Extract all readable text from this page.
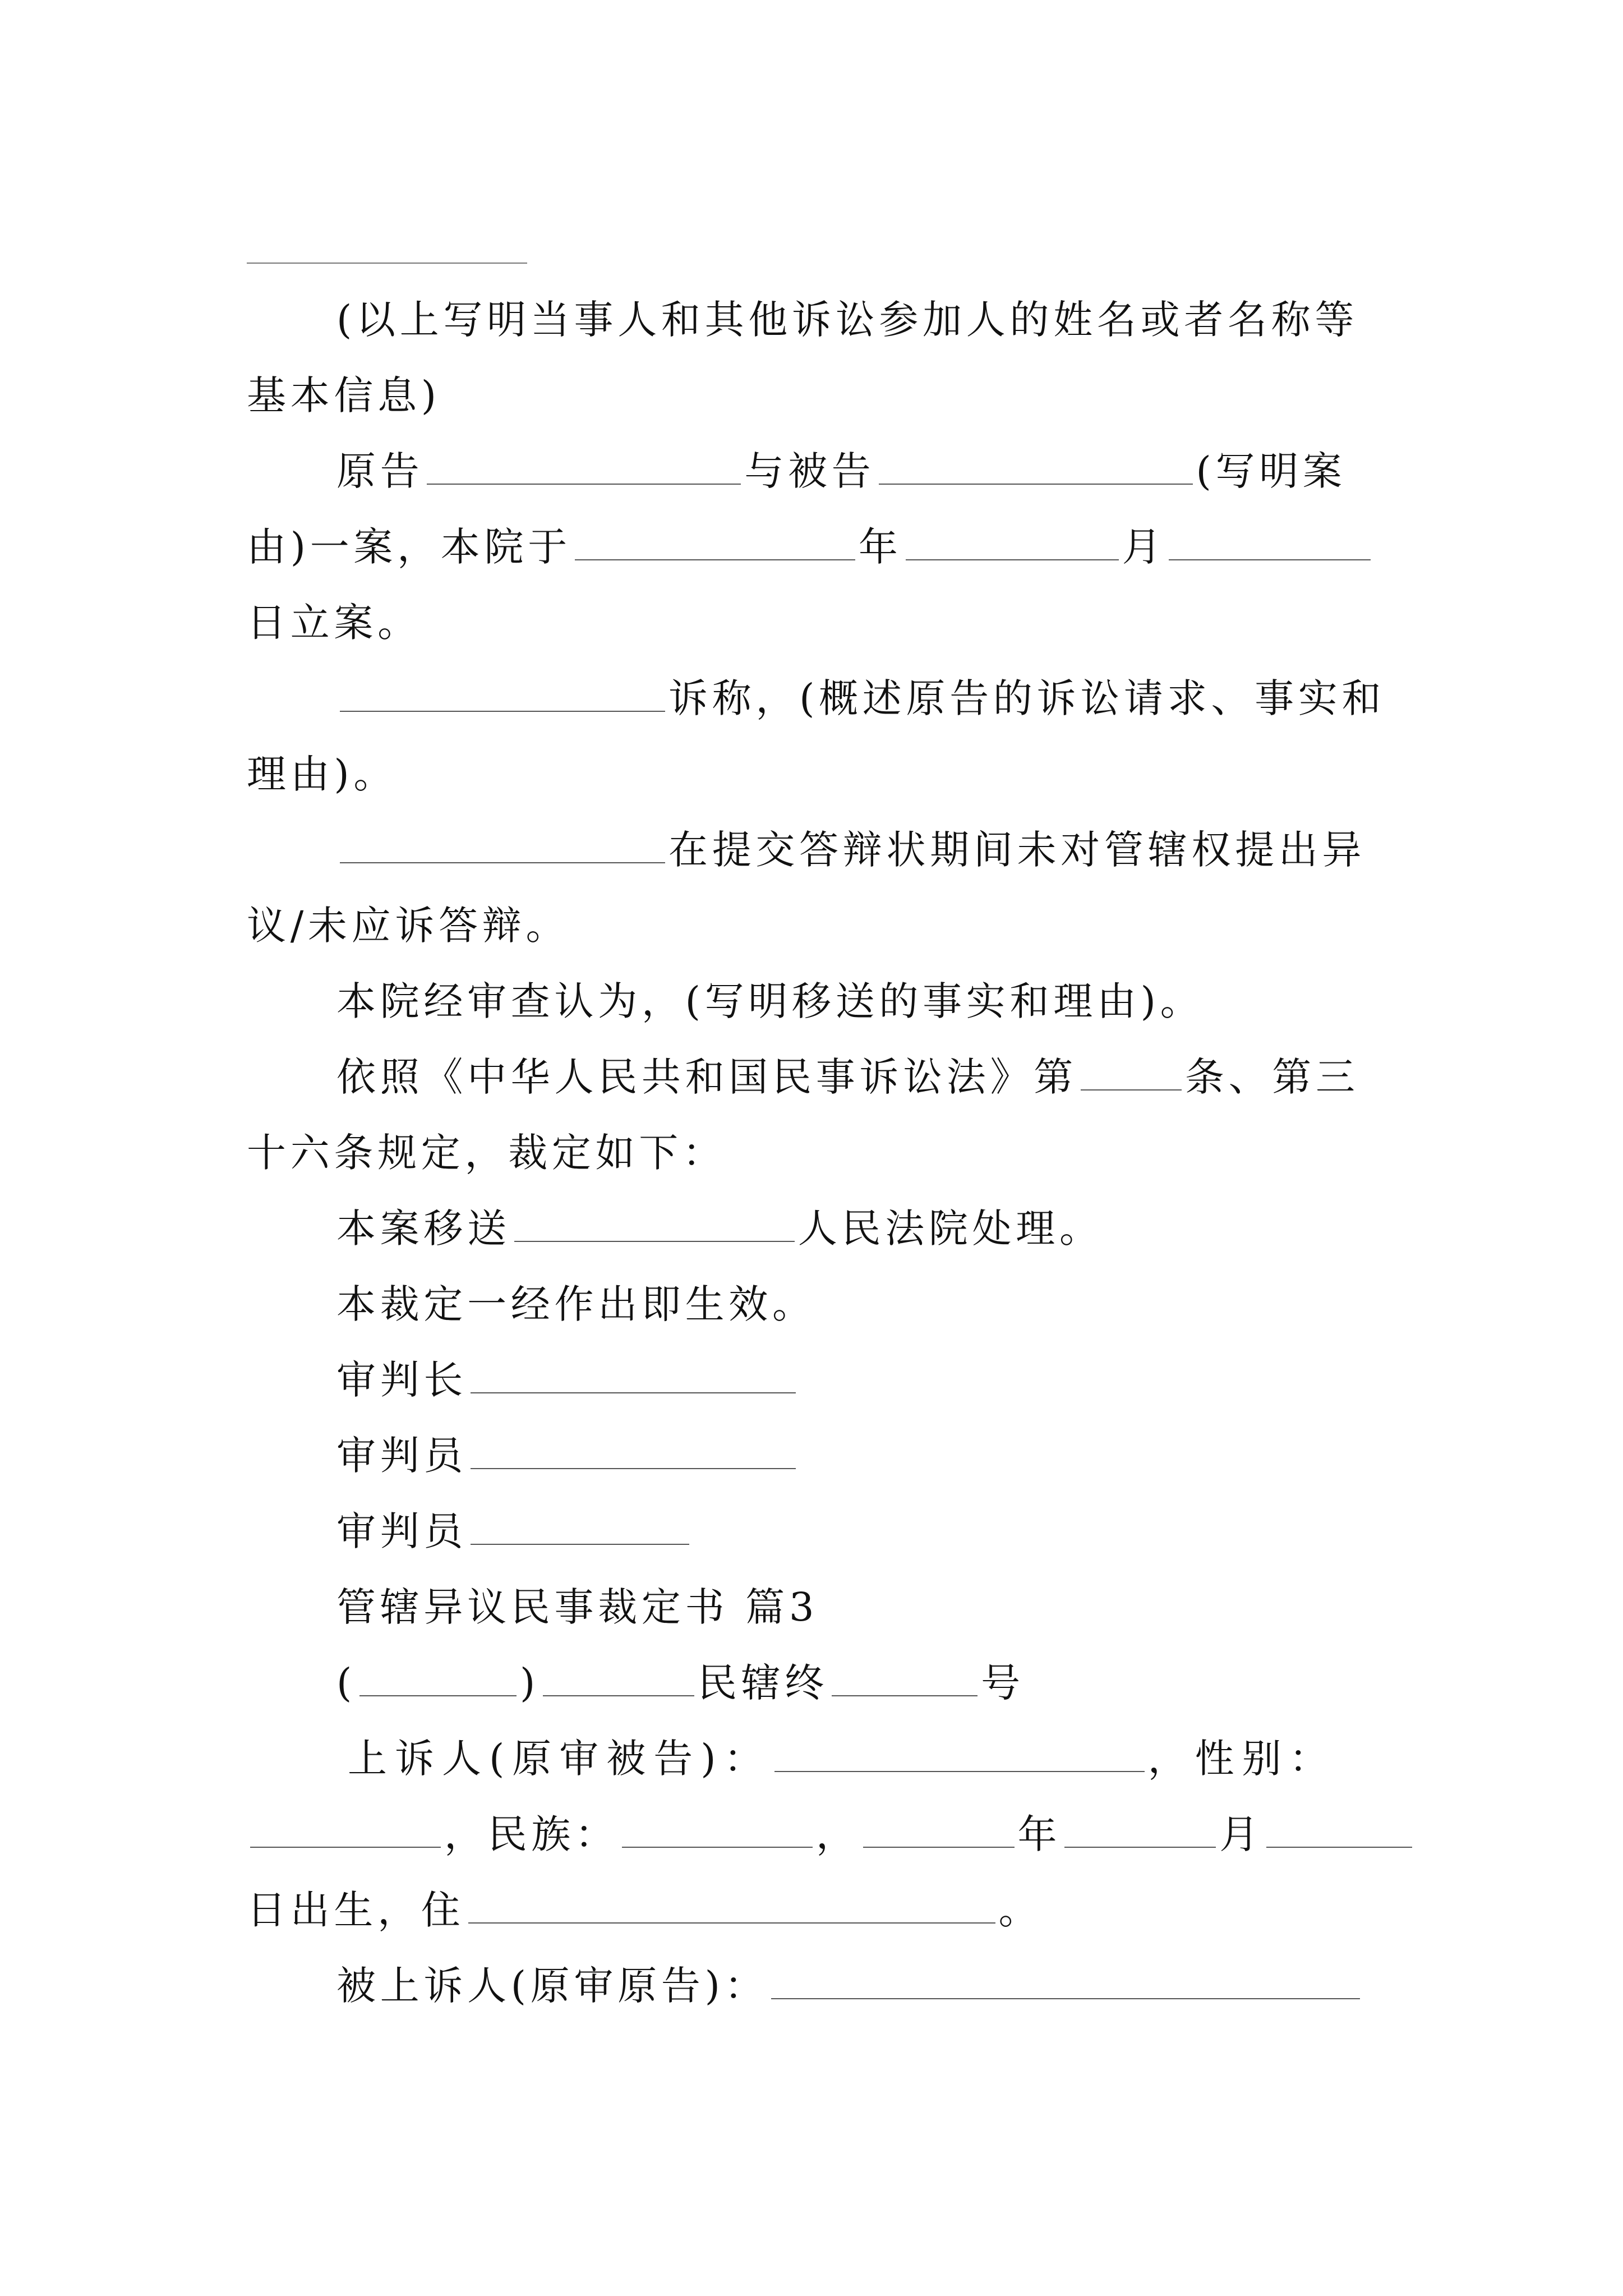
(以上写明当事人和其他诉讼参加人的姓名或者名称等
基本信息)
原告	与被告	(写明案
由)一案，本院于	年	月
日立案。
诉称，(概述原告的诉讼请求、事实和
理由)。
在提交答辩状期间未对管辖权提出异
议/未应诉答辩。
本院经审查认为，(写明移送的事实和理由)。
依照《中华人民共和国民事诉讼法》第	条、第三
十六条规定，裁定如下：
本案移送	人民法院处理。
本裁定一经作出即生效。
审判长
审判员
审判员
管辖异议民事裁定书 篇3
(	)	民辖终	号
上诉人(原审被告)：	，性别：
，民族：	，	年	月
日出生，住	。
被上诉人(原审原告)：
